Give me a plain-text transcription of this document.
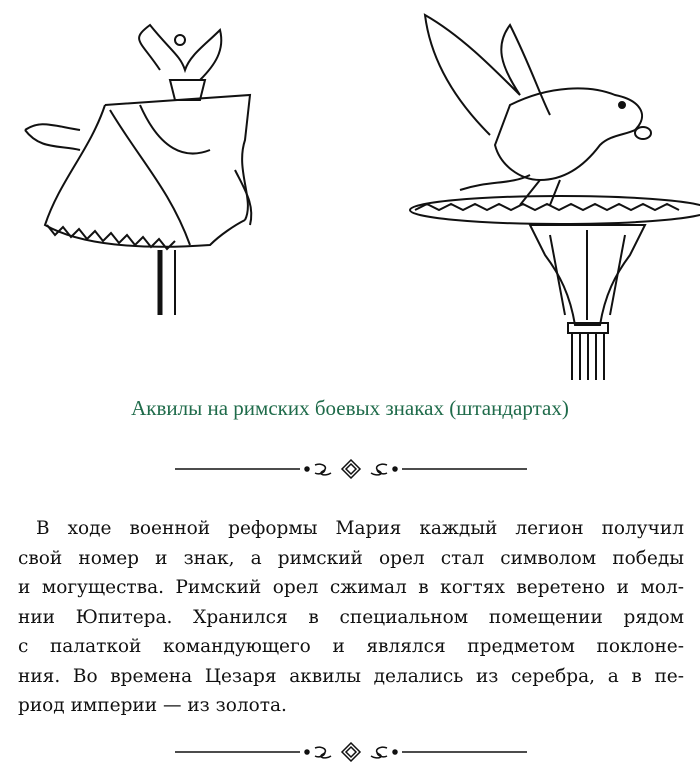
Аквилы на римских боевых знаках (штандартах)
В ходе военной реформы Мария каждый легион получил
свой номер и знак, а римский орел стал символом победы
и могущества. Римский орел сжимал в когтях веретено и мол-
нии Юпитера. Хранился в специальном помещении рядом
с палаткой командующего и являлся предметом поклоне-
ния. Во времена Цезаря аквилы делались из серебра, а в пе-
риод империи — из золота.
